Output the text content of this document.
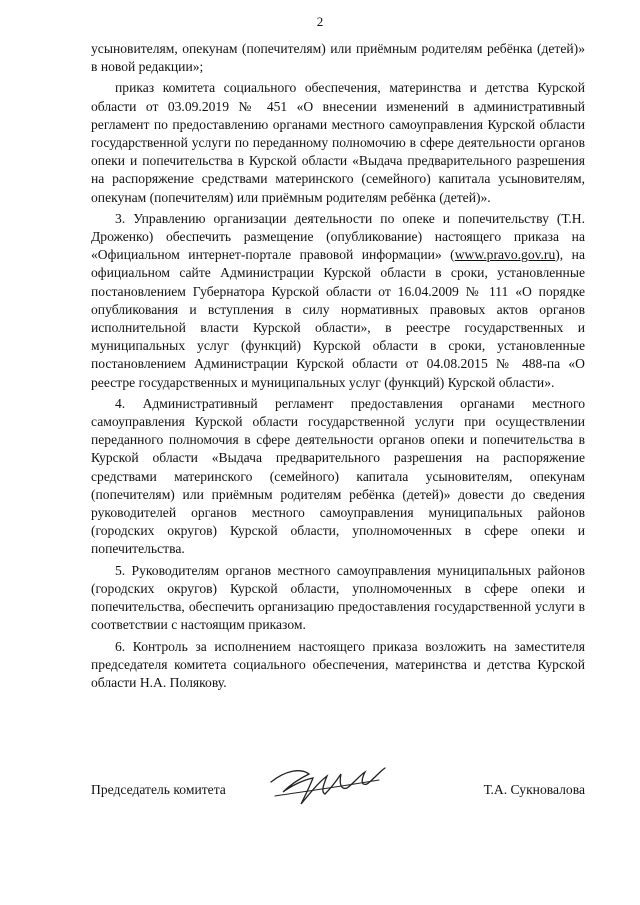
2

усыновителям, опекунам (попечителям) или приёмным родителям ребёнка (детей)» в новой редакции»;

приказ комитета социального обеспечения, материнства и детства Курской области от 03.09.2019 № 451 «О внесении изменений в административный регламент по предоставлению органами местного самоуправления Курской области государственной услуги по переданному полномочию в сфере деятельности органов опеки и попечительства в Курской области «Выдача предварительного разрешения на распоряжение средствами материнского (семейного) капитала усыновителям, опекунам (попечителям) или приёмным родителям ребёнка (детей)».

3. Управлению организации деятельности по опеке и попечительству (Т.Н. Дроженко) обеспечить размещение (опубликование) настоящего приказа на «Официальном интернет-портале правовой информации» (www.pravo.gov.ru), на официальном сайте Администрации Курской области в сроки, установленные постановлением Губернатора Курской области от 16.04.2009 № 111 «О порядке опубликования и вступления в силу нормативных правовых актов органов исполнительной власти Курской области», в реестре государственных и муниципальных услуг (функций) Курской области в сроки, установленные постановлением Администрации Курской области от 04.08.2015 № 488-па «О реестре государственных и муниципальных услуг (функций) Курской области».

4. Административный регламент предоставления органами местного самоуправления Курской области государственной услуги при осуществлении переданного полномочия в сфере деятельности органов опеки и попечительства в Курской области «Выдача предварительного разрешения на распоряжение средствами материнского (семейного) капитала усыновителям, опекунам (попечителям) или приёмным родителям ребёнка (детей)» довести до сведения руководителей органов местного самоуправления муниципальных районов (городских округов) Курской области, уполномоченных в сфере опеки и попечительства.

5. Руководителям органов местного самоуправления муниципальных районов (городских округов) Курской области, уполномоченных в сфере опеки и попечительства, обеспечить организацию предоставления государственной услуги в соответствии с настоящим приказом.

6. Контроль за исполнением настоящего приказа возложить на заместителя председателя комитета социального обеспечения, материнства и детства Курской области Н.А. Полякову.

Председатель комитета	Т.А. Сукновалова
